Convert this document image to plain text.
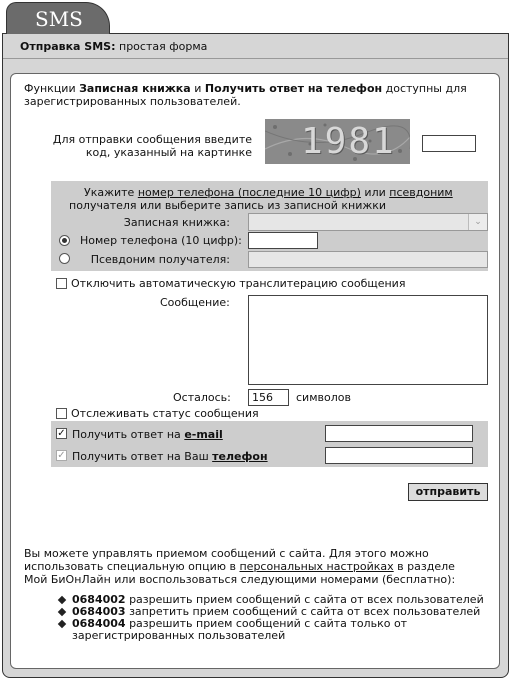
SMS
Отправка SMS: простая форма
Функции Записная книжка и Получить ответ на телефон доступны для
зарегистрированных пользователей.
Для отправки сообщения введите
код, указанный на картинке 1981
Укажите номер телефона (последние 10 цифр) или псевдоним
получателя или выберите запись из записной книжки
Записная книжка:	⌄
Номер телефона (10 цифр):
Псевдоним получателя:
Отключить автоматическую транслитерацию сообщения
Сообщение:
Осталось:	156	символов
Отслеживать статус сообщения
✓ Получить ответ на e-mail
✓ Получить ответ на Ваш телефон
отправить
Вы можете управлять приемом сообщений с сайта. Для этого можно
использовать специальную опцию в персональных настройках в разделе
Мой БиОнЛайн или воспользоваться следующими номерами (бесплатно):
0684002 разрешить прием сообщений с сайта от всех пользователей
0684003 запретить прием сообщений с сайта от всех пользователей
0684004 разрешить прием сообщений с сайта только от
зарегистрированных пользователей
